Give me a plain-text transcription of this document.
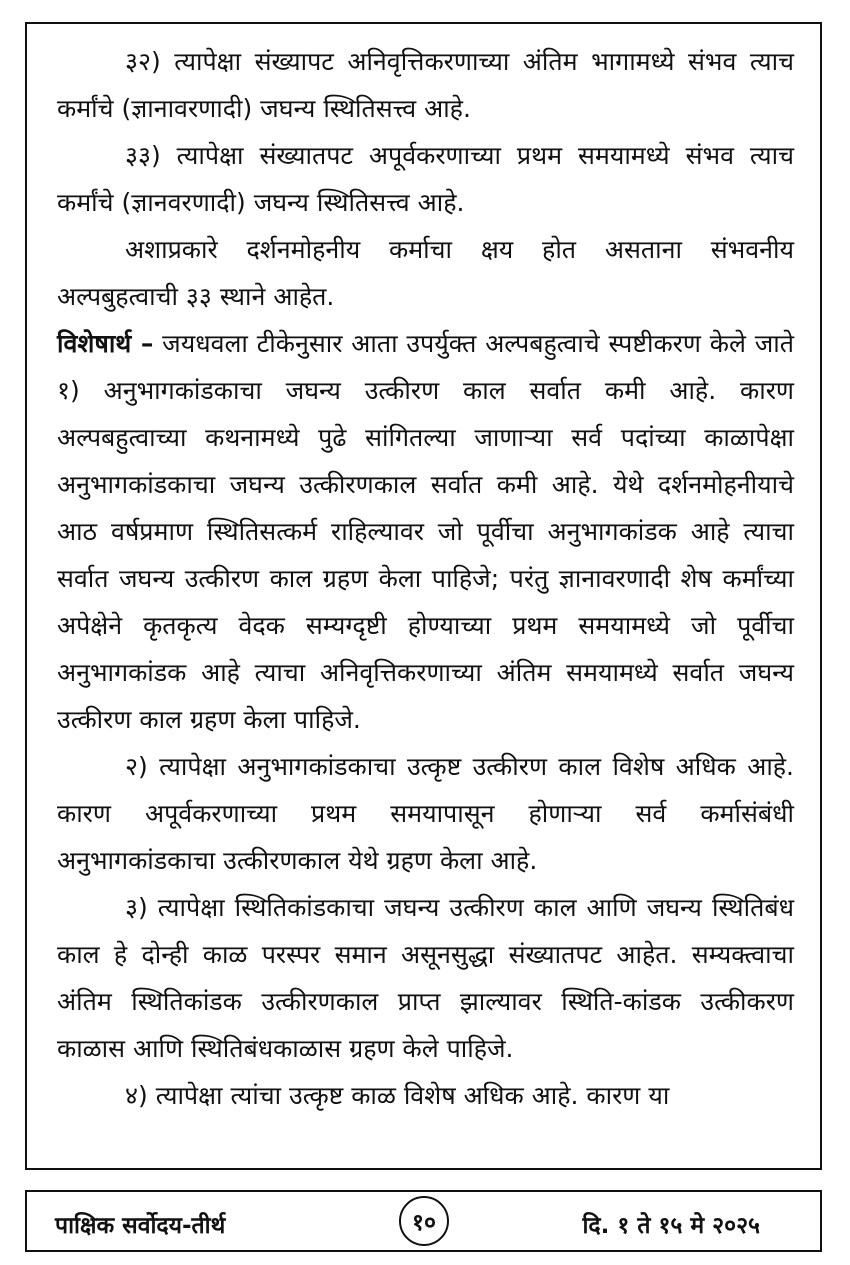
३२) त्यापेक्षा संख्यापट अनिवृत्तिकरणाच्या अंतिम भागामध्ये संभव त्याच कर्मांचे (ज्ञानावरणादी) जघन्य स्थितिसत्त्व आहे.

३३) त्यापेक्षा संख्यातपट अपूर्वकरणाच्या प्रथम समयामध्ये संभव त्याच कर्मांचे (ज्ञानवरणादी) जघन्य स्थितिसत्त्व आहे.

अशाप्रकारे दर्शनमोहनीय कर्माचा क्षय होत असताना संभवनीय अल्पबुहत्वाची ३३ स्थाने आहेत.

विशेषार्थ – जयधवला टीकेनुसार आता उपर्युक्त अल्पबहुत्वाचे स्पष्टीकरण केले जाते १) अनुभागकांडकाचा जघन्य उत्कीरण काल सर्वात कमी आहे. कारण अल्पबहुत्वाच्या कथनामध्ये पुढे सांगितल्या जाणाऱ्या सर्व पदांच्या काळापेक्षा अनुभागकांडकाचा जघन्य उत्कीरणकाल सर्वात कमी आहे. येथे दर्शनमोहनीयाचे आठ वर्षप्रमाण स्थितिसत्कर्म राहिल्यावर जो पूर्वीचा अनुभागकांडक आहे त्याचा सर्वात जघन्य उत्कीरण काल ग्रहण केला पाहिजे; परंतु ज्ञानावरणादी शेष कर्मांच्या अपेक्षेने कृतकृत्य वेदक सम्यग्दृष्टी होण्याच्या प्रथम समयामध्ये जो पूर्वीचा अनुभागकांडक आहे त्याचा अनिवृत्तिकरणाच्या अंतिम समयामध्ये सर्वात जघन्य उत्कीरण काल ग्रहण केला पाहिजे.

२) त्यापेक्षा अनुभागकांडकाचा उत्कृष्ट उत्कीरण काल विशेष अधिक आहे. कारण अपूर्वकरणाच्या प्रथम समयापासून होणाऱ्या सर्व कर्मासंबंधी अनुभागकांडकाचा उत्कीरणकाल येथे ग्रहण केला आहे.

३) त्यापेक्षा स्थितिकांडकाचा जघन्य उत्कीरण काल आणि जघन्य स्थितिबंध काल हे दोन्ही काळ परस्पर समान असूनसुद्धा संख्यातपट आहेत. सम्यक्त्वाचा अंतिम स्थितिकांडक उत्कीरणकाल प्राप्त झाल्यावर स्थिति-कांडक उत्कीकरण काळास आणि स्थितिबंधकाळास ग्रहण केले पाहिजे.

४) त्यापेक्षा त्यांचा उत्कृष्ट काळ विशेष अधिक आहे. कारण या

पाक्षिक सर्वोदय-तीर्थ	१०	दि. १ ते १५ मे २०२५
